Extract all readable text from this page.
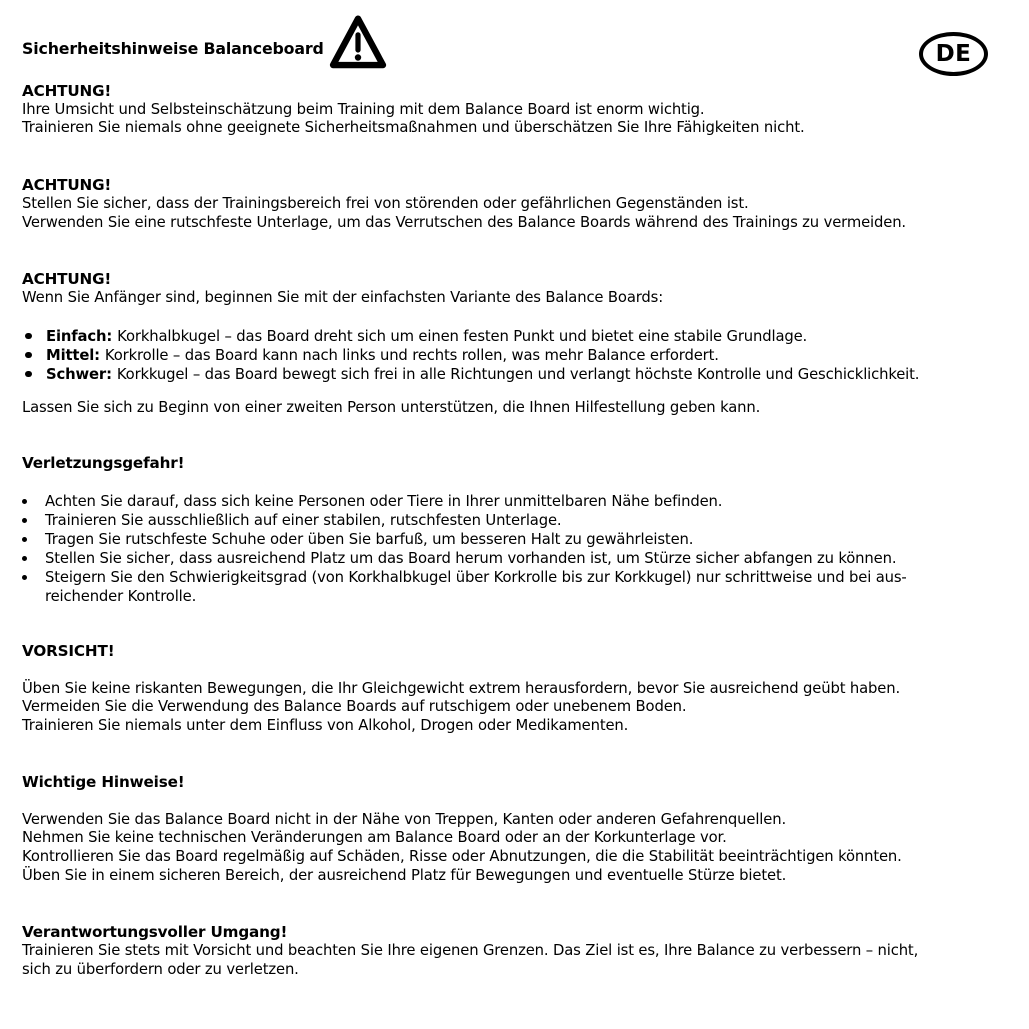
Sicherheitshinweise Balanceboard	DE
ACHTUNG!
Ihre Umsicht und Selbsteinschätzung beim Training mit dem Balance Board ist enorm wichtig.
Trainieren Sie niemals ohne geeignete Sicherheitsmaßnahmen und überschätzen Sie Ihre Fähigkeiten nicht.
ACHTUNG!
Stellen Sie sicher, dass der Trainingsbereich frei von störenden oder gefährlichen Gegenständen ist.
Verwenden Sie eine rutschfeste Unterlage, um das Verrutschen des Balance Boards während des Trainings zu vermeiden.
ACHTUNG!
Wenn Sie Anfänger sind, beginnen Sie mit der einfachsten Variante des Balance Boards:
Einfach: Korkhalbkugel – das Board dreht sich um einen festen Punkt und bietet eine stabile Grundlage.
Mittel: Korkrolle – das Board kann nach links und rechts rollen, was mehr Balance erfordert.
Schwer: Korkkugel – das Board bewegt sich frei in alle Richtungen und verlangt höchste Kontrolle und Geschicklichkeit.
Lassen Sie sich zu Beginn von einer zweiten Person unterstützen, die Ihnen Hilfestellung geben kann.
Verletzungsgefahr!
Achten Sie darauf, dass sich keine Personen oder Tiere in Ihrer unmittelbaren Nähe befinden.
Trainieren Sie ausschließlich auf einer stabilen, rutschfesten Unterlage.
Tragen Sie rutschfeste Schuhe oder üben Sie barfuß, um besseren Halt zu gewährleisten.
Stellen Sie sicher, dass ausreichend Platz um das Board herum vorhanden ist, um Stürze sicher abfangen zu können.
Steigern Sie den Schwierigkeitsgrad (von Korkhalbkugel über Korkrolle bis zur Korkkugel) nur schrittweise und bei aus-
reichender Kontrolle.
VORSICHT!
Üben Sie keine riskanten Bewegungen, die Ihr Gleichgewicht extrem herausfordern, bevor Sie ausreichend geübt haben.
Vermeiden Sie die Verwendung des Balance Boards auf rutschigem oder unebenem Boden.
Trainieren Sie niemals unter dem Einfluss von Alkohol, Drogen oder Medikamenten.
Wichtige Hinweise!
Verwenden Sie das Balance Board nicht in der Nähe von Treppen, Kanten oder anderen Gefahrenquellen.
Nehmen Sie keine technischen Veränderungen am Balance Board oder an der Korkunterlage vor.
Kontrollieren Sie das Board regelmäßig auf Schäden, Risse oder Abnutzungen, die die Stabilität beeinträchtigen könnten.
Üben Sie in einem sicheren Bereich, der ausreichend Platz für Bewegungen und eventuelle Stürze bietet.
Verantwortungsvoller Umgang!
Trainieren Sie stets mit Vorsicht und beachten Sie Ihre eigenen Grenzen. Das Ziel ist es, Ihre Balance zu verbessern – nicht,
sich zu überfordern oder zu verletzen.
